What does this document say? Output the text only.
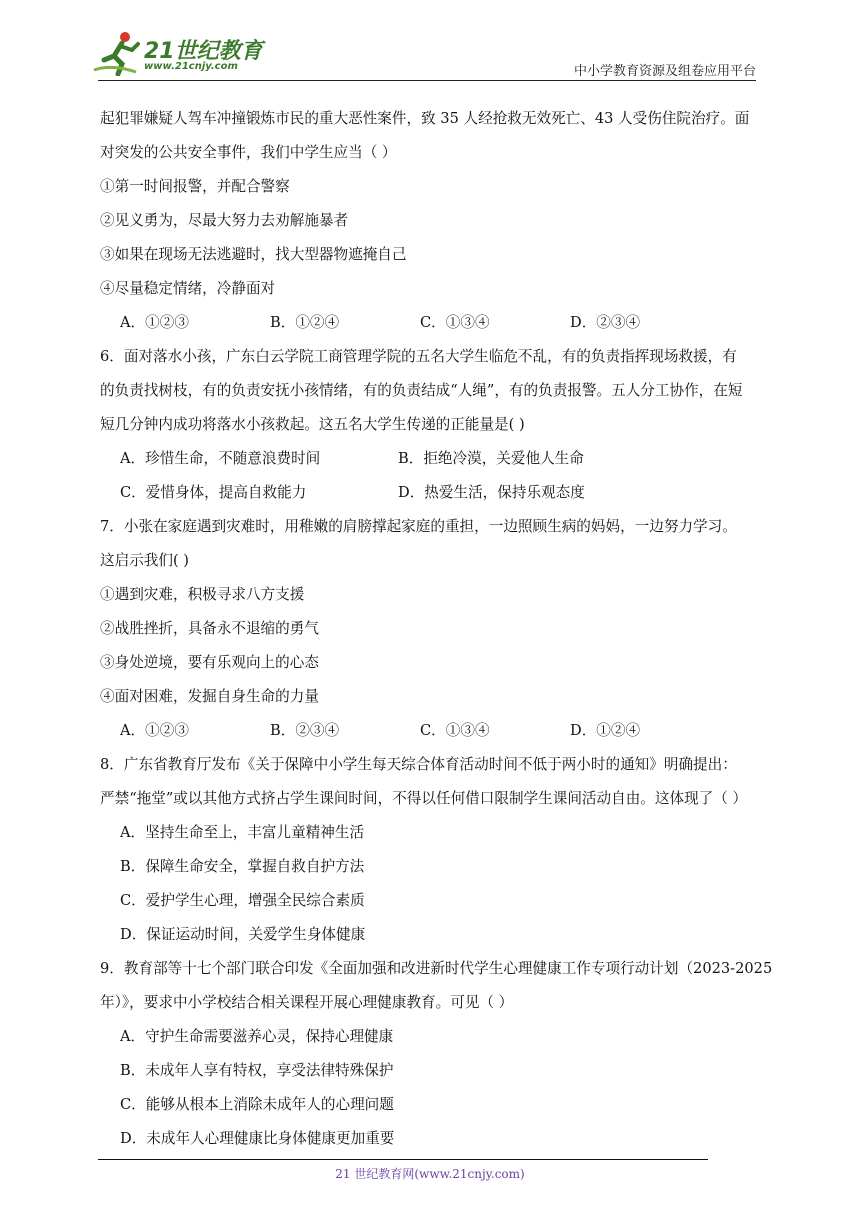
21世纪教育
www.21cnjy.com	中小学教育资源及组卷应用平台
起犯罪嫌疑人驾车冲撞锻炼市民的重大恶性案件，致 35 人经抢救无效死亡、43 人受伤住院治疗。面
对突发的公共安全事件，我们中学生应当（ ）
①第一时间报警，并配合警察
②见义勇为，尽最大努力去劝解施暴者
③如果在现场无法逃避时，找大型器物遮掩自己
④尽量稳定情绪，冷静面对
A．①②③	B．①②④	C．①③④	D．②③④
6．面对落水小孩，广东白云学院工商管理学院的五名大学生临危不乱，有的负责指挥现场救援，有
的负责找树枝，有的负责安抚小孩情绪，有的负责结成“人绳”，有的负责报警。五人分工协作，在短
短几分钟内成功将落水小孩救起。这五名大学生传递的正能量是( )
A．珍惜生命，不随意浪费时间	B．拒绝冷漠，关爱他人生命
C．爱惜身体，提高自救能力	D．热爱生活，保持乐观态度
7．小张在家庭遇到灾难时，用稚嫩的肩膀撑起家庭的重担，一边照顾生病的妈妈，一边努力学习。
这启示我们( )
①遇到灾难，积极寻求八方支援
②战胜挫折，具备永不退缩的勇气
③身处逆境，要有乐观向上的心态
④面对困难，发掘自身生命的力量
A．①②③	B．②③④	C．①③④	D．①②④
8．广东省教育厅发布《关于保障中小学生每天综合体育活动时间不低于两小时的通知》明确提出：
严禁“拖堂”或以其他方式挤占学生课间时间，不得以任何借口限制学生课间活动自由。这体现了（ ）
A．坚持生命至上，丰富儿童精神生活
B．保障生命安全，掌握自救自护方法
C．爱护学生心理，增强全民综合素质
D．保证运动时间，关爱学生身体健康
9．教育部等十七个部门联合印发《全面加强和改进新时代学生心理健康工作专项行动计划（2023-2025
年）》，要求中小学校结合相关课程开展心理健康教育。可见（ ）
A．守护生命需要滋养心灵，保持心理健康
B．未成年人享有特权，享受法律特殊保护
C．能够从根本上消除未成年人的心理问题
D．未成年人心理健康比身体健康更加重要
21 世纪教育网(www.21cnjy.com)
